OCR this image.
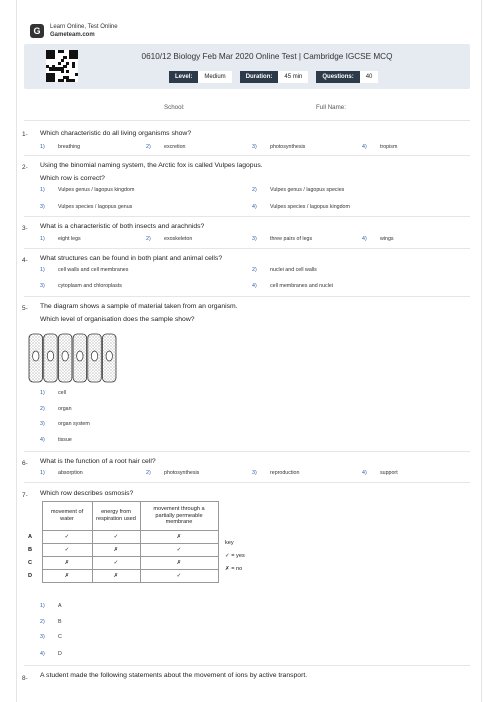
G	Learn Online, Test Online
Gameteam.com
0610/12 Biology Feb Mar 2020 Online Test | Cambridge IGCSE MCQ
Level:	Medium	Duration:	45 min	Questions:	40
School:	Full Name:
1- Which characteristic do all living organisms show?
1)	breathing	2)	excretion	3)	photosynthesis	4)	tropism
2- Using the binomial naming system, the Arctic fox is called Vulpes lagopus.
Which row is correct?
1)	Vulpes genus / lagopus kingdom	2)	Vulpes genus / lagopus species
3)	Vulpes species / lagopus genus	4)	Vulpes species / lagopus kingdom
3- What is a characteristic of both insects and arachnids?
1)	eight legs	2)	exoskeleton	3)	three pairs of legs	4)	wings
4- What structures can be found in both plant and animal cells?
1)	cell walls and cell membranes	2)	nuclei and cell walls
3)	cytoplasm and chloroplasts	4)	cell membranes and nuclei
5- The diagram shows a sample of material taken from an organism.
Which level of organisation does the sample show?
1)	cell
2)	organ
3)	organ system
4)	tissue
6- What is the function of a root hair cell?
1)	absorption	2)	photosynthesis	3)	reproduction	4)	support
7- Which row describes osmosis?
	movement of water	energy from respiration used	movement through a partially permeable membrane
A	✓	✓	✗
B	✓	✗	✓
C	✗	✓	✗
D	✗	✗	✓
key
✓ = yes
✗ = no
1)	A
2)	B
3)	C
4)	D
8- A student made the following statements about the movement of ions by active transport.
